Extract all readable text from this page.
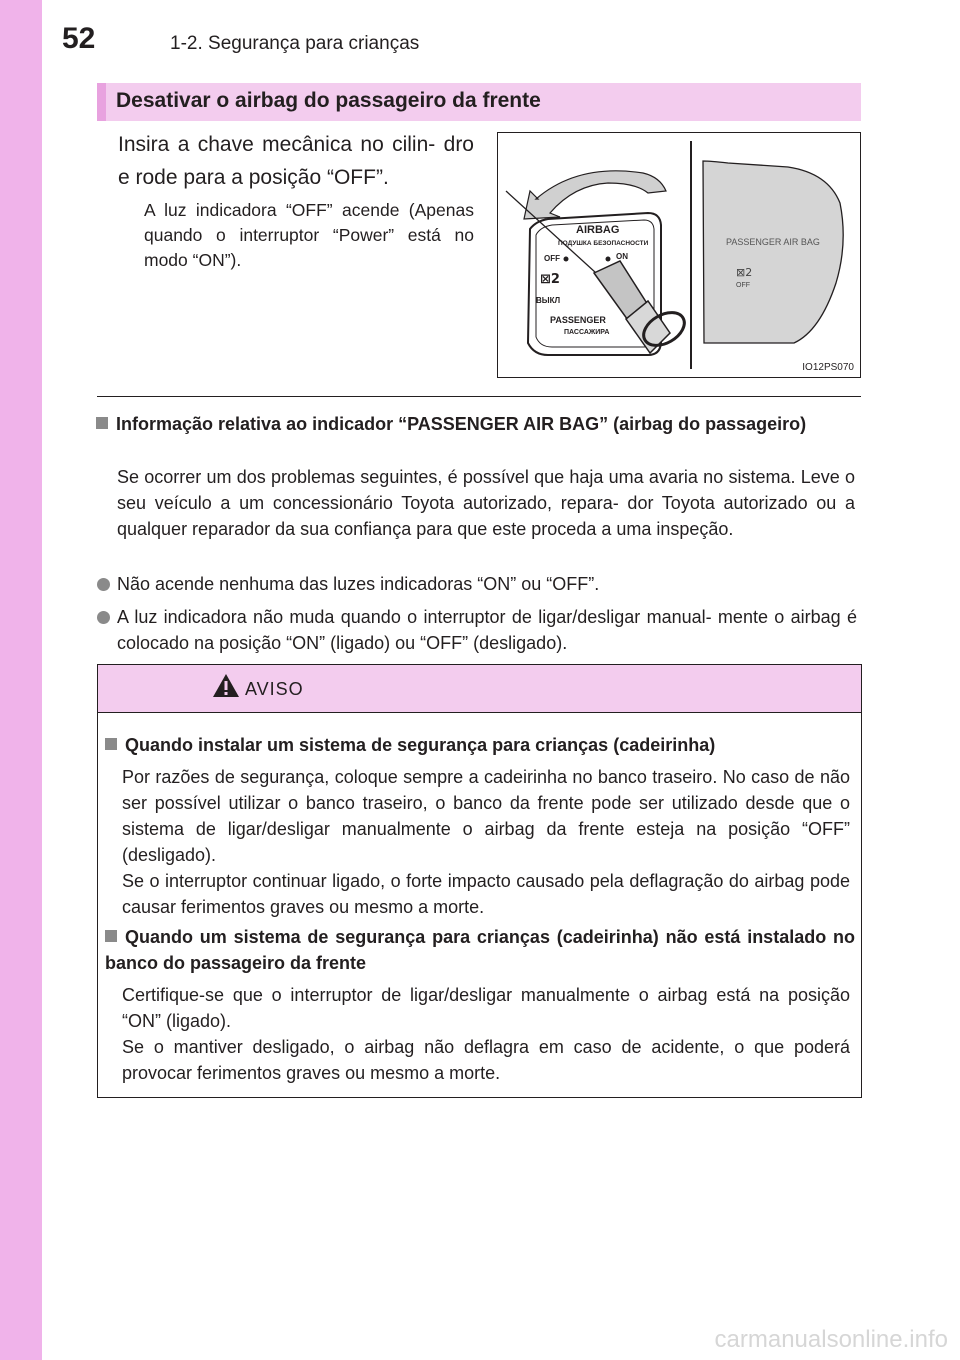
52	1-2. Segurança para crianças
Desativar o airbag do passageiro da frente
Insira a chave mecânica no cilin- dro e rode para a posição “OFF”.
A luz indicadora “OFF” acende (Apenas quando o interruptor “Power” está no modo “ON”).
AIRBAG
ПОДУШКА БЕЗОПАСНОСТИ
OFF	ON
⊠2
ВЫКЛ
PASSENGER
ПАССАЖИРА
PASSENGER AIR BAG
⊠2
OFF
IO12PS070
Informação relativa ao indicador “PASSENGER AIR BAG” (airbag do passageiro)
Se ocorrer um dos problemas seguintes, é possível que haja uma avaria no sistema. Leve o seu veículo a um concessionário Toyota autorizado, repara- dor Toyota autorizado ou a qualquer reparador da sua confiança para que este proceda a uma inspeção.
Não acende nenhuma das luzes indicadoras “ON” ou “OFF”.
A luz indicadora não muda quando o interruptor de ligar/desligar manual- mente o airbag é colocado na posição “ON” (ligado) ou “OFF” (desligado).
AVISO
Quando instalar um sistema de segurança para crianças (cadeirinha)
Por razões de segurança, coloque sempre a cadeirinha no banco traseiro. No caso de não ser possível utilizar o banco traseiro, o banco da frente pode ser utilizado desde que o sistema de ligar/desligar manualmente o airbag da frente esteja na posição “OFF” (desligado).
Se o interruptor continuar ligado, o forte impacto causado pela deflagração do airbag pode causar ferimentos graves ou mesmo a morte.
Quando um sistema de segurança para crianças (cadeirinha) não está instalado no banco do passageiro da frente
Certifique-se que o interruptor de ligar/desligar manualmente o airbag está na posição “ON” (ligado).
Se o mantiver desligado, o airbag não deflagra em caso de acidente, o que poderá provocar ferimentos graves ou mesmo a morte.
carmanualsonline.info
